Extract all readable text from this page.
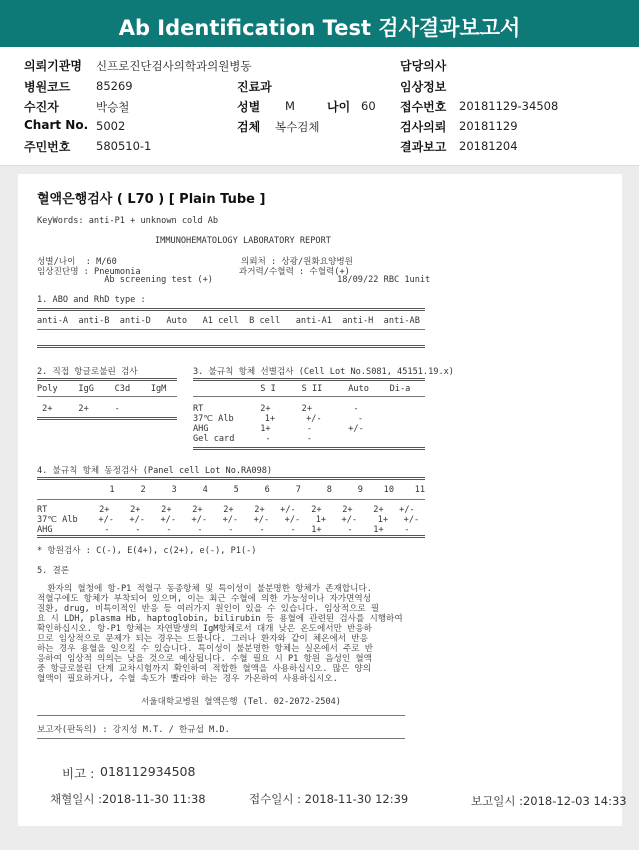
Ab Identification Test 검사결과보고서
의뢰기관명 신프로진단검사의학과의원병동	담당의사
병원코드 85269	진료과	임상정보
수진자	박승철	성별 M	나이 60 접수번호 20181129-34508
Chart No. 5002	검체 복수검체	검사의뢰 20181129
주민번호 580510-1	결과보고 20181204
혈액은행검사 ( L70 ) [ Plain Tube ]
KeyWords: anti-P1 + unknown cold Ab
IMMUNOHEMATOLOGY LABORATORY REPORT
성별/나이  : M/60                        의뢰처 : 상광/원화요양병원
임상진단명 : Pneumonia                   과거력/수혈력 : 수혈력(+)
Ab screening test (+)                        18/09/22 RBC 1unit
1. ABO and RhD type :
anti-A  anti-B  anti-D   Auto   A1 cell  B cell   anti-A1  anti-H  anti-AB
2. 직접 항글로불린 검사
Poly    IgG    C3d    IgM
2+     2+     -
3. 불규칙 항체 선별검사 (Cell Lot No.S081, 45151.19.x)
S I     S II     Auto    Di-a
RT           2+      2+        -
37℃ Alb      1+      +/-       -
AHG          1+       -       +/-
Gel card      -       -
4. 불규칙 항체 동정검사 (Panel cell Lot No.RA098)
1     2     3     4     5     6     7     8     9    10    11
RT          2+    2+    2+    2+    2+    2+   +/-   2+    2+    2+   +/-
37℃ Alb    +/-   +/-   +/-   +/-   +/-   +/-   +/-   1+   +/-    1+   +/-
AHG          -     -     -     -     -     -     -   1+     -    1+    -
* 항원검사 : C(-), E(4+), c(2+), e(-), P1(-)
5. 결론
환자의 혈청에 항-P1 적혈구 동종항체 및 특이성이 불분명한 항체가 존재합니다.
적혈구에도 항체가 부착되어 있으며, 이는 최근 수혈에 의한 가능성이나 자가면역성
질환, drug, 비특이적인 반응 등 여러가지 원인이 있을 수 있습니다. 임상적으로 필
요 시 LDH, plasma Hb, haptoglobin, bilirubin 등 용혈에 관련된 검사를 시행하여
확인하십시오. 항-P1 항체는 자연발생의 IgM항체로서 대개 낮은 온도에서만 반응하
므로 임상적으로 문제가 되는 경우는 드뭅니다. 그러나 환자와 같이 체온에서 반응
하는 경우 용혈을 일으킬 수 있습니다. 특이성이 불분명한 항체는 실온에서 주로 반
응하여 임상적 의의는 낮을 것으로 예상됩니다. 수혈 필요 시 P1 항원 음성인 혈액
중 항글로불린 단계 교차시험까지 확인하여 적합한 혈액을 사용하십시오. 많은 양의
혈액이 필요하거나, 수혈 속도가 빨라야 하는 경우 가온하여 사용하십시오.
서울대학교병원 혈액은행 (Tel. 02-2072-2504)
보고자(판독의) : 강지성 M.T. / 한규섭 M.D.
비고 : 018112934508
채혈일시 :2018-11-30 11:38	접수일시 : 2018-11-30 12:39	보고일시 :2018-12-03 14:33
